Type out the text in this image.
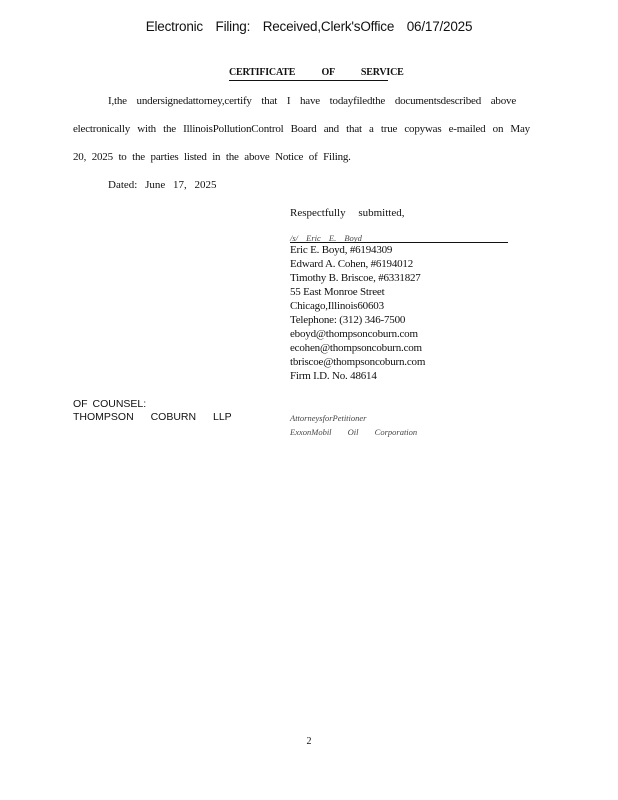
Electronic Filing: Received,Clerk'sOffice 06/17/2025
CERTIFICATE OF SERVICE
I,the undersignedattorney,certify that I have todayfiledthe documentsdescribed above
electronically with the IllinoisPollutionControl Board and that a true copywas e-mailed on May
20, 2025 to the parties listed in the above Notice of Filing.
Dated: June 17, 2025
Respectfully submitted,
/s/ Eric E. Boyd
Eric E. Boyd, #6194309
Edward A. Cohen, #6194012
Timothy B. Briscoe, #6331827
55 East Monroe Street
Chicago,Illinois60603
Telephone: (312) 346-7500
eboyd@thompsoncoburn.com
ecohen@thompsoncoburn.com
tbriscoe@thompsoncoburn.com
Firm I.D. No. 48614
OF COUNSEL:
THOMPSON COBURN LLP	AttorneysforPetitioner
ExxonMobil Oil Corporation
2
